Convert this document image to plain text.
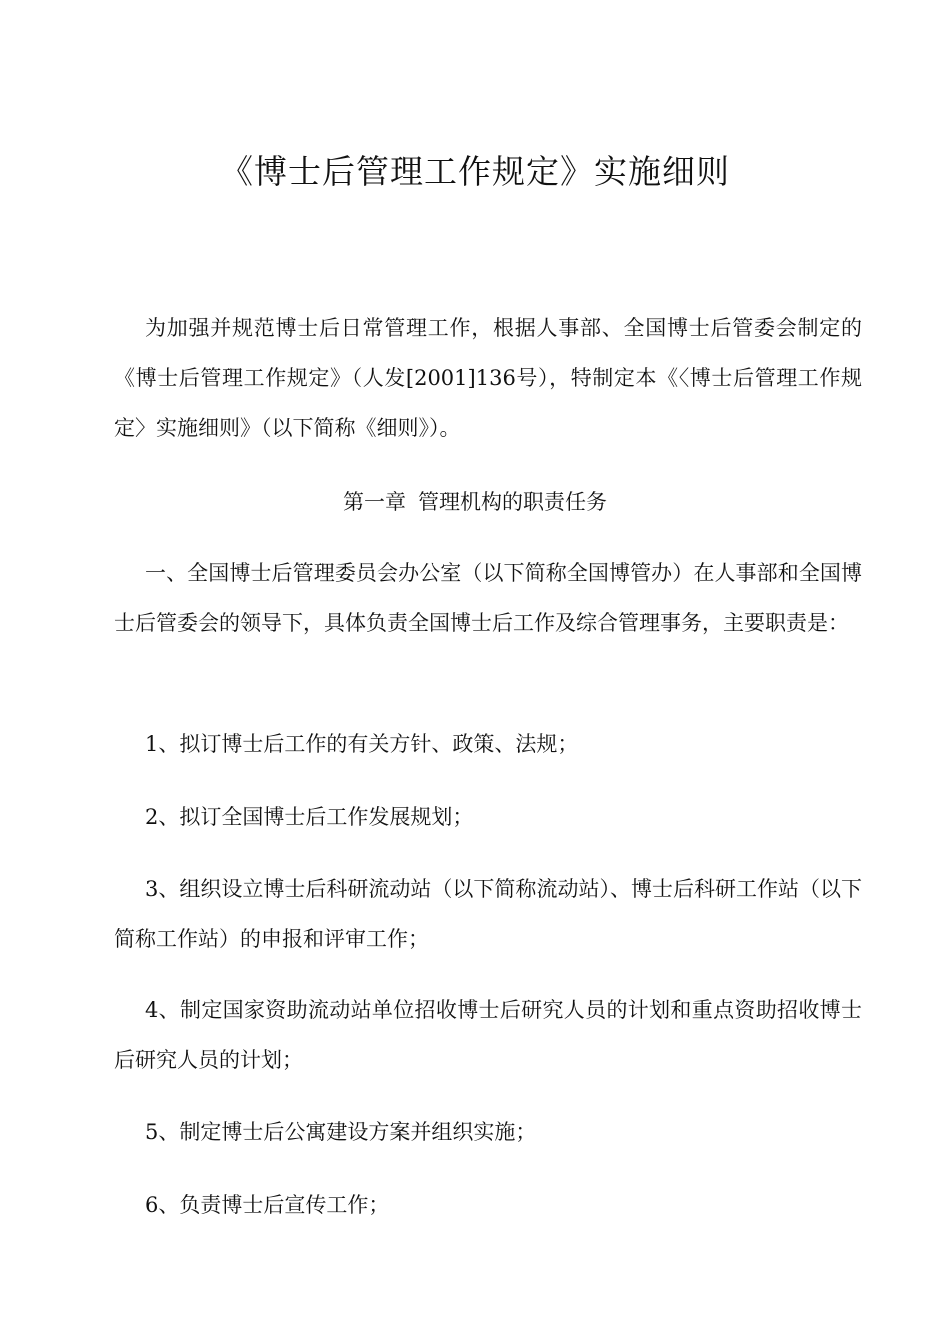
《博士后管理工作规定》实施细则

为加强并规范博士后日常管理工作，根据人事部、全国博士后管委会制定的《博士后管理工作规定》（人发[2001]136号），特制定本《〈博士后管理工作规定〉实施细则》（以下简称《细则》）。

第一章 管理机构的职责任务

一、全国博士后管理委员会办公室（以下简称全国博管办）在人事部和全国博士后管委会的领导下，具体负责全国博士后工作及综合管理事务，主要职责是：

1、拟订博士后工作的有关方针、政策、法规；

2、拟订全国博士后工作发展规划；

3、组织设立博士后科研流动站（以下简称流动站）、博士后科研工作站（以下简称工作站）的申报和评审工作；

4、制定国家资助流动站单位招收博士后研究人员的计划和重点资助招收博士后研究人员的计划；

5、制定博士后公寓建设方案并组织实施；

6、负责博士后宣传工作；
